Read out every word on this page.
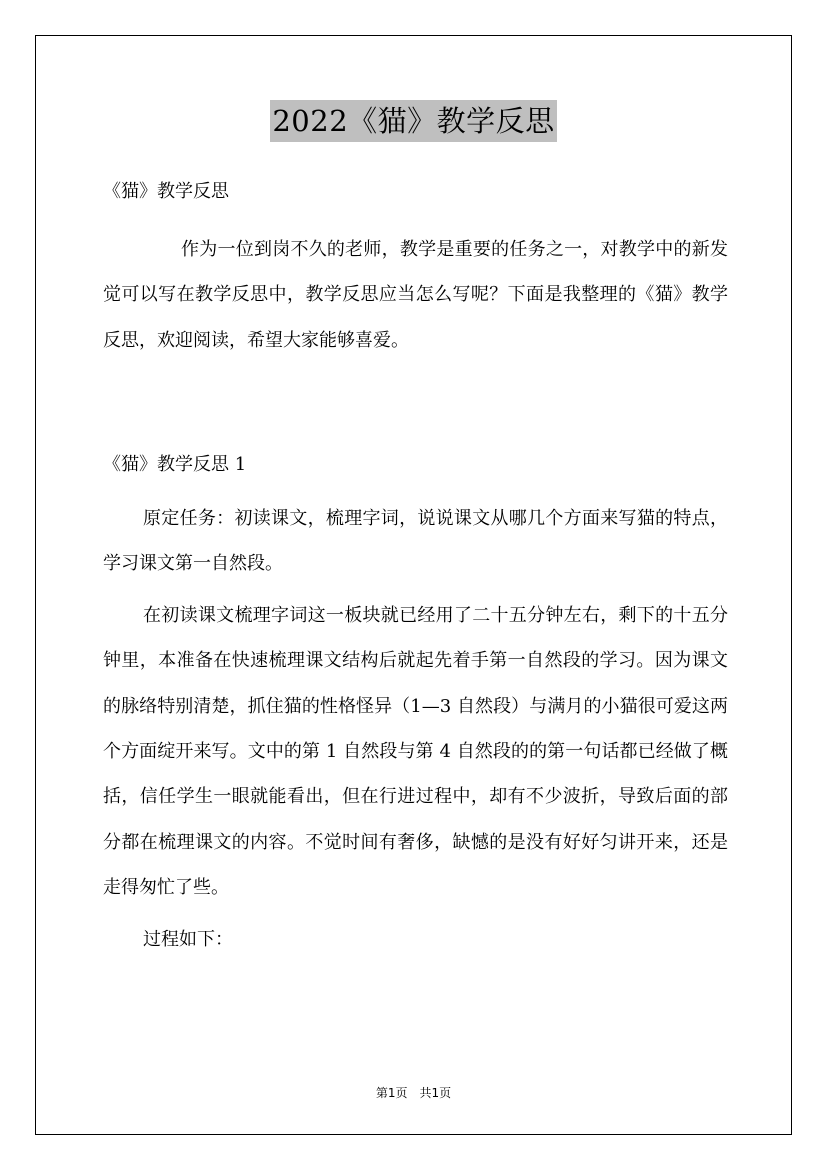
2022《猫》教学反思
《猫》教学反思

作为一位到岗不久的老师，教学是重要的任务之一，对教学中的新发觉可以写在教学反思中，教学反思应当怎么写呢？下面是我整理的《猫》教学反思，欢迎阅读，希望大家能够喜爱。

《猫》教学反思 1

原定任务：初读课文，梳理字词，说说课文从哪几个方面来写猫的特点，学习课文第一自然段。

在初读课文梳理字词这一板块就已经用了二十五分钟左右，剩下的十五分钟里，本准备在快速梳理课文结构后就起先着手第一自然段的学习。因为课文的脉络特别清楚，抓住猫的性格怪异（1—3 自然段）与满月的小猫很可爱这两个方面绽开来写。文中的第 1 自然段与第 4 自然段的的第一句话都已经做了概括，信任学生一眼就能看出，但在行进过程中，却有不少波折，导致后面的部分都在梳理课文的内容。不觉时间有奢侈，缺憾的是没有好好匀讲开来，还是走得匆忙了些。

过程如下：

第1页　共1页
